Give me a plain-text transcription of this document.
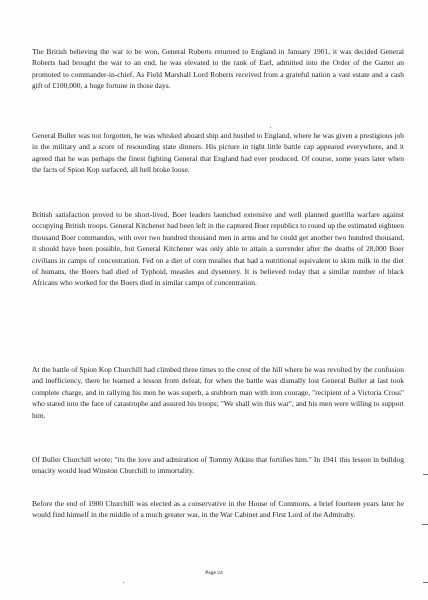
The British believing the war to be won, General Roberts returned to England in January 1901, it was decided General Roberts had brought the war to an end, he was elevated to the rank of Earl, admitted into the Order of the Garter an promoted to commander-in-chief. As Field Marshall Lord Roberts received from a grateful nation a vast estate and a cash gift of £100,000, a huge fortune in those days.

General Buller was not forgotten, he was whisked aboard ship and hustled to England, where he was given a prestigious job in the military and a score of resounding state dinners. His picture in tight little battle cap appeared everywhere, and it agreed that he was perhaps the finest fighting General that England had ever produced. Of course, some years later when the facts of Spion Kop surfaced, all hell broke loose.

British satisfaction proved to be short-lived, Boer leaders launched extensive and well planned guerilla warfare against occupying British troops. General Kitchener had been left in the captured Boer republics to round up the estimated eighteen thousand Boer commandos, with over two hundred thousand men in arms and he could get another two hundred thousand, it should have been possible, but General Kitchener was only able to attain a surrender after the deaths of 28,000 Boer civilians in camps of concentration. Fed on a diet of corn mealies that had a nutritional equivalent to skim milk in the diet of humans, the Boers had died of Typhoid, measles and dysentery. It is believed today that a similar number of black Africans who worked for the Boers died in similar camps of concentration.

At the battle of Spion Kop Churchill had climbed three times to the crest of the hill where he was revolted by the confusion and inefficiency, there he learned a lesson from defeat, for when the battle was dismally lost General Buller at last took complete charge, and in rallying his men he was superb, a stubborn man with iron courage, "recipient of a Victoria Cross" who stared into the face of catastrophe and assured his troops; "We shall win this war", and his men were willing to support him.

Of Buller Churchill wrote; "its the love and admiration of Tommy Atkins that fortifies him." In 1941 this lesson in bulldog tenacity would lead Winston Churchill to immortality.

Before the end of 1900 Churchill was elected as a conservative in the House of Commons, a brief fourteen years later he would find himself in the middle of a much greater war, in the War Cabinet and First Lord of the Admiralty.

Page 24
